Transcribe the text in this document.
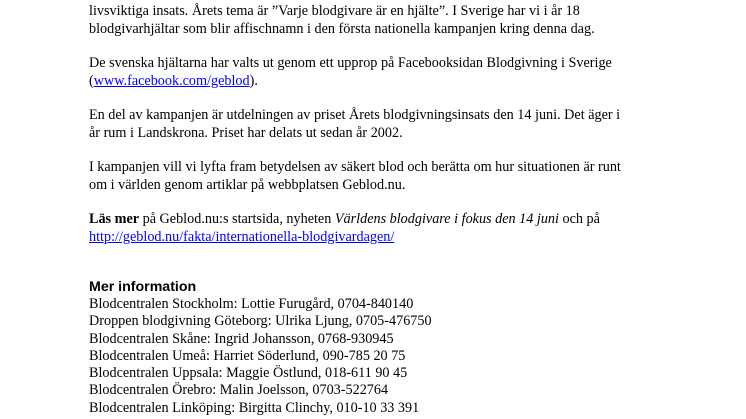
livsviktiga insats. Årets tema är ”Varje blodgivare är en hjälte”. I Sverige har vi i år 18

blodgivarhjältar som blir affischnamn i den första nationella kampanjen kring denna dag.

De svenska hjältarna har valts ut genom ett upprop på Facebooksidan Blodgivning i Sverige

(www.facebook.com/geblod).

En del av kampanjen är utdelningen av priset Årets blodgivningsinsats den 14 juni. Det äger i

år rum i Landskrona. Priset har delats ut sedan år 2002.

I kampanjen vill vi lyfta fram betydelsen av säkert blod och berätta om hur situationen är runt

om i världen genom artiklar på webbplatsen Geblod.nu.

Läs mer på Geblod.nu:s startsida, nyheten Världens blodgivare i fokus den 14 juni och på

http://geblod.nu/fakta/internationella-blodgivardagen/

Mer information
Blodcentralen Stockholm: Lottie Furugård, 0704-840140
Droppen blodgivning Göteborg: Ulrika Ljung, 0705-476750
Blodcentralen Skåne: Ingrid Johansson, 0768-930945
Blodcentralen Umeå: Harriet Söderlund, 090-785 20 75
Blodcentralen Uppsala: Maggie Östlund, 018-611 90 45
Blodcentralen Örebro: Malin Joelsson, 0703-522764
Blodcentralen Linköping: Birgitta Clinchy, 010-10 33 391
